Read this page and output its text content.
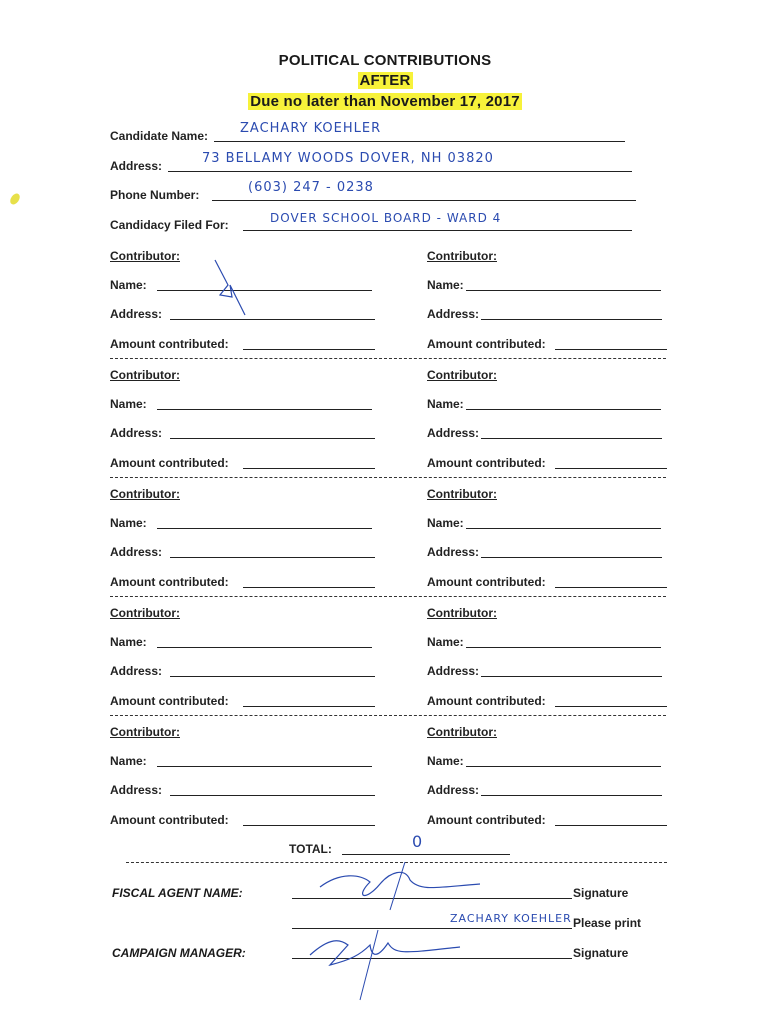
POLITICAL CONTRIBUTIONS
AFTER
Due no later than November 17, 2017
Candidate Name: ZACHARY KOEHLER
Address:	73 BELLAMY WOODS DOVER, NH 03820
Phone Number:	(603) 247 - 0238
Candidacy Filed For:	DOVER SCHOOL BOARD - WARD 4
Contributor:
Name:
Address:
Amount contributed:
Contributor:
Name:
Address:
Amount contributed:
Contributor:
Name:
Address:
Amount contributed:
Contributor:
Name:
Address:
Amount contributed:
Contributor:
Name:
Address:
Amount contributed:
Contributor:
Name:
Address:
Amount contributed:
Contributor:
Name:
Address:
Amount contributed:
Contributor:
Name:
Address:
Amount contributed:
Contributor:
Name:
Address:
Amount contributed:
Contributor:
Name:
Address:
Amount contributed:
TOTAL:	0
FISCAL AGENT NAME:	Signature
ZACHARY KOEHLER Please print
CAMPAIGN MANAGER:	Signature
